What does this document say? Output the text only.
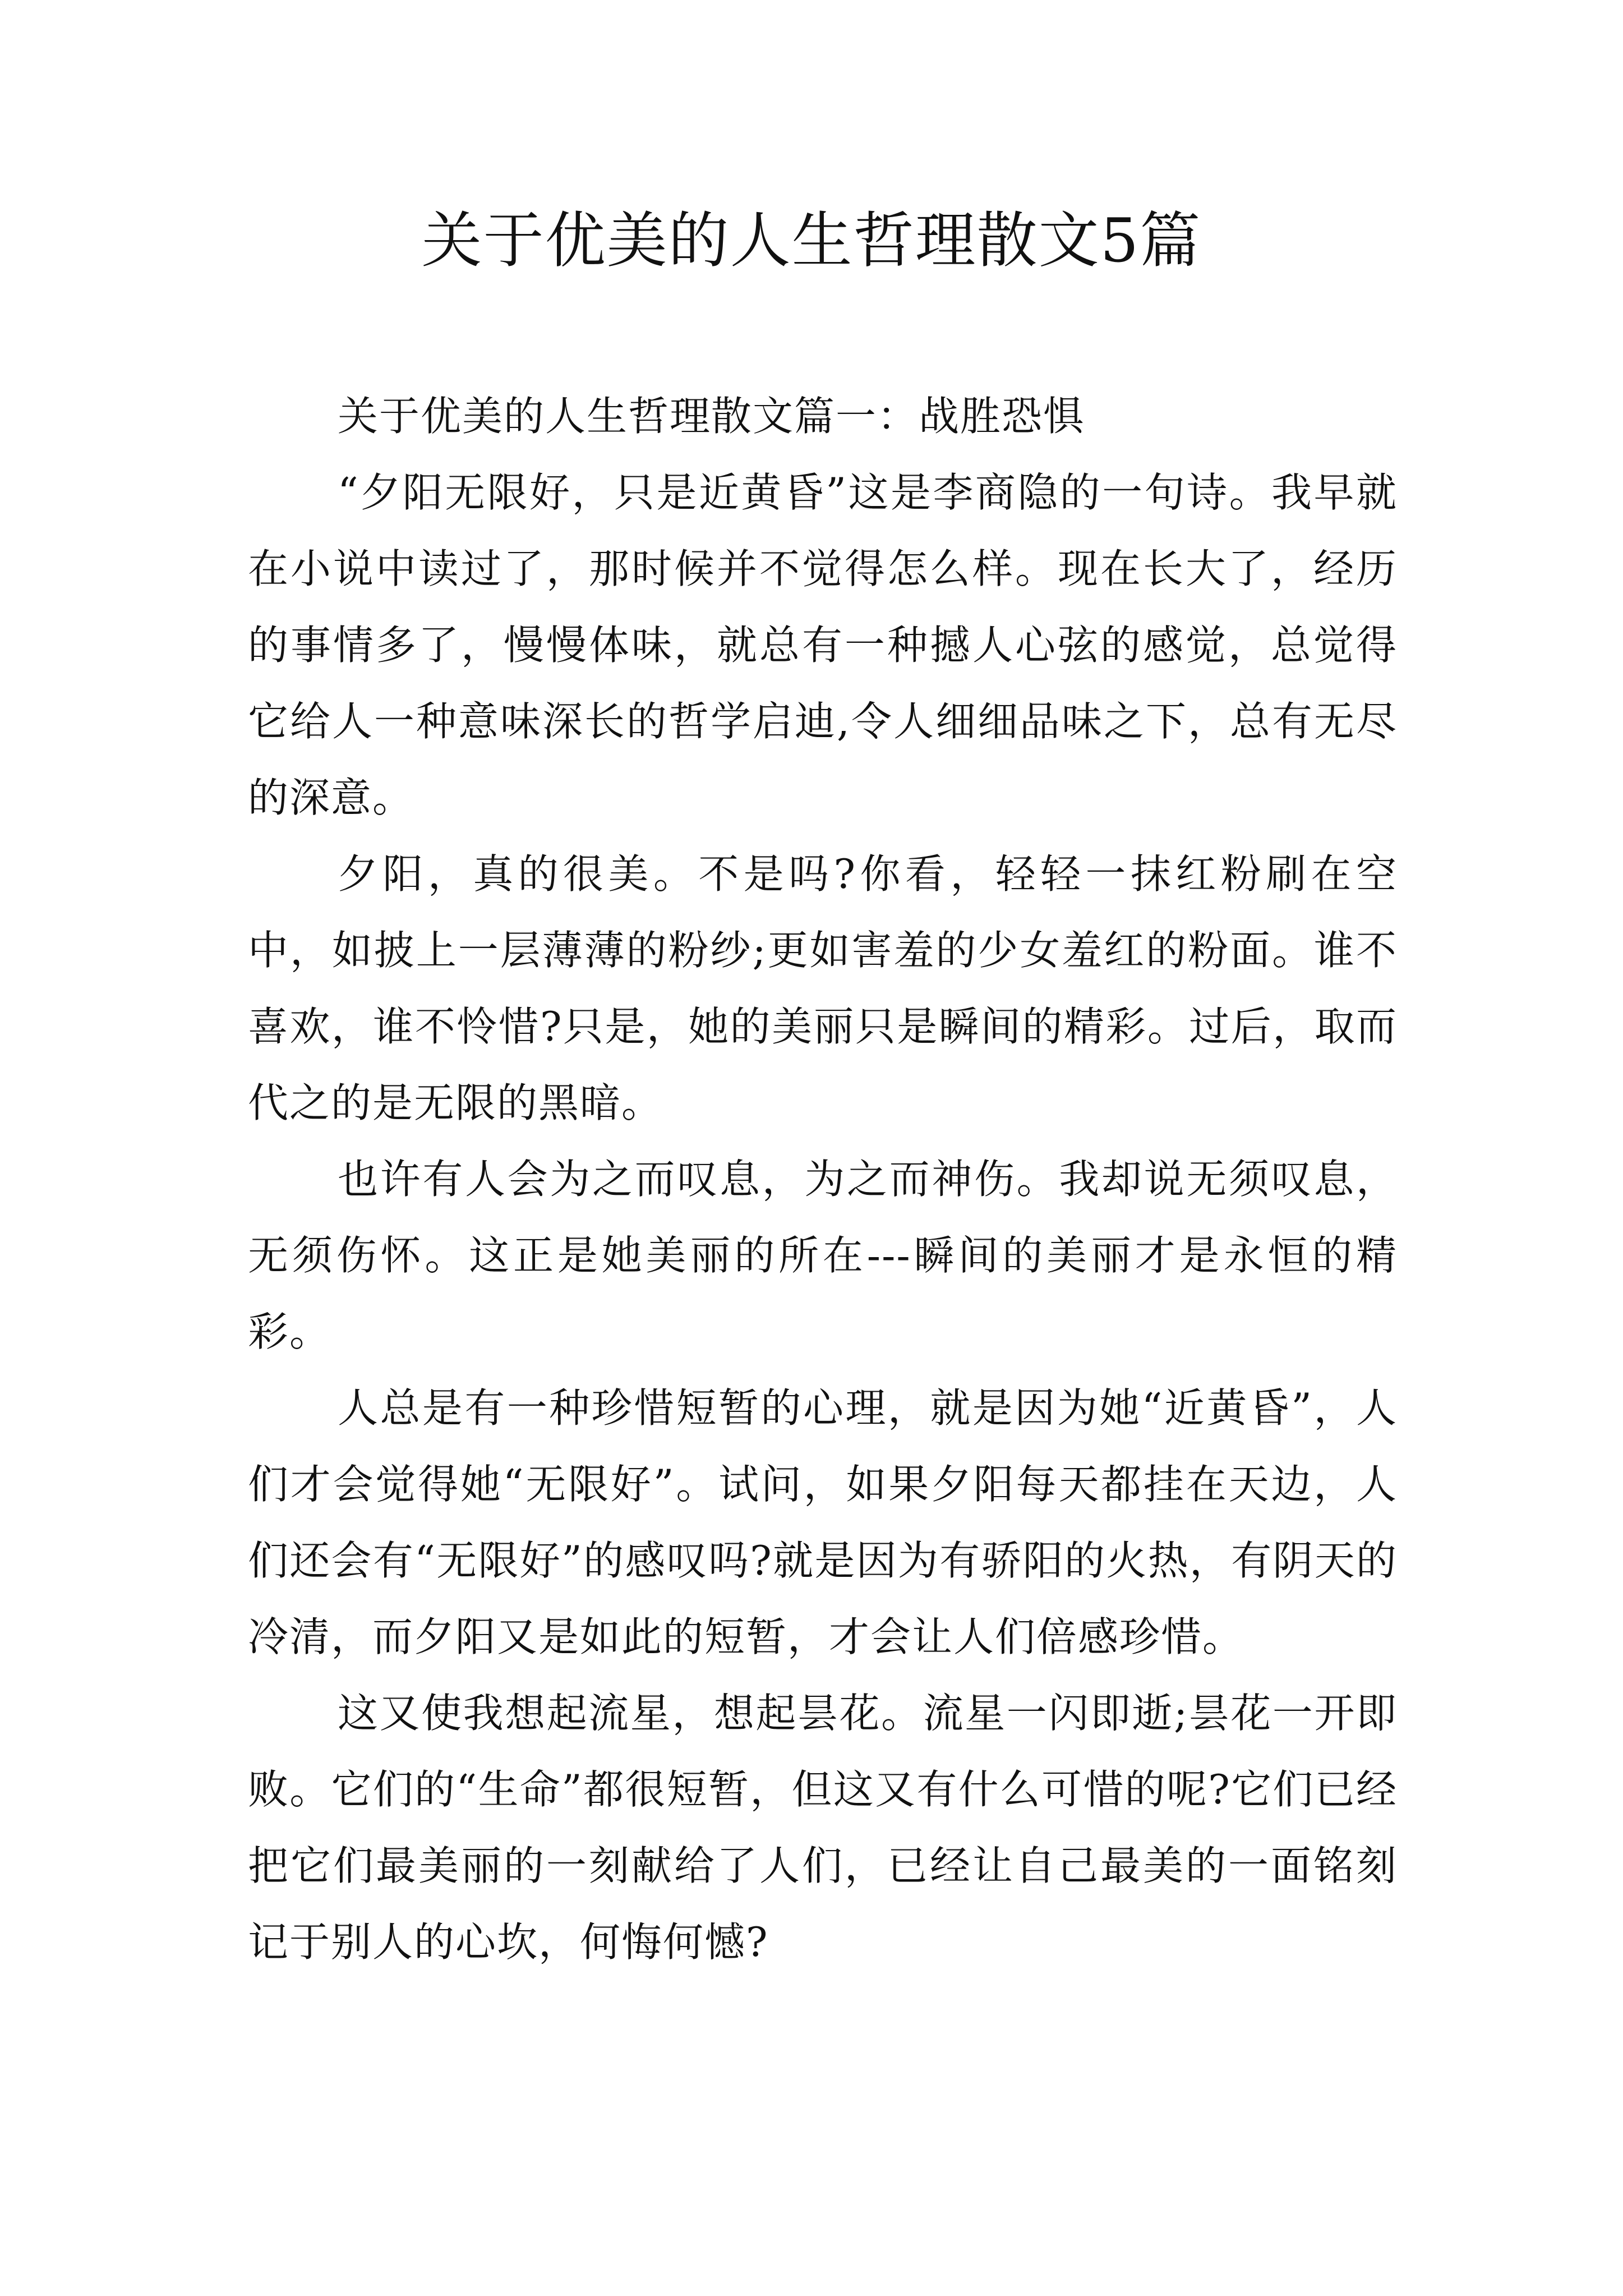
关于优美的人生哲理散文5篇

关于优美的人生哲理散文篇一：战胜恐惧

“夕阳无限好，只是近黄昏”这是李商隐的一句诗。我早就在小说中读过了，那时候并不觉得怎么样。现在长大了，经历的事情多了，慢慢体味，就总有一种撼人心弦的感觉，总觉得它给人一种意味深长的哲学启迪,令人细细品味之下，总有无尽的深意。

夕阳，真的很美。不是吗?你看，轻轻一抹红粉刷在空中，如披上一层薄薄的粉纱;更如害羞的少女羞红的粉面。谁不喜欢，谁不怜惜?只是，她的美丽只是瞬间的精彩。过后，取而代之的是无限的黑暗。

也许有人会为之而叹息，为之而神伤。我却说无须叹息，无须伤怀。这正是她美丽的所在---瞬间的美丽才是永恒的精彩。

人总是有一种珍惜短暂的心理，就是因为她“近黄昏”，人们才会觉得她“无限好”。试问，如果夕阳每天都挂在天边，人们还会有“无限好”的感叹吗?就是因为有骄阳的火热，有阴天的冷清，而夕阳又是如此的短暂，才会让人们倍感珍惜。

这又使我想起流星，想起昙花。流星一闪即逝;昙花一开即败。它们的“生命”都很短暂，但这又有什么可惜的呢?它们已经把它们最美丽的一刻献给了人们，已经让自己最美的一面铭刻记于别人的心坎，何悔何憾?
